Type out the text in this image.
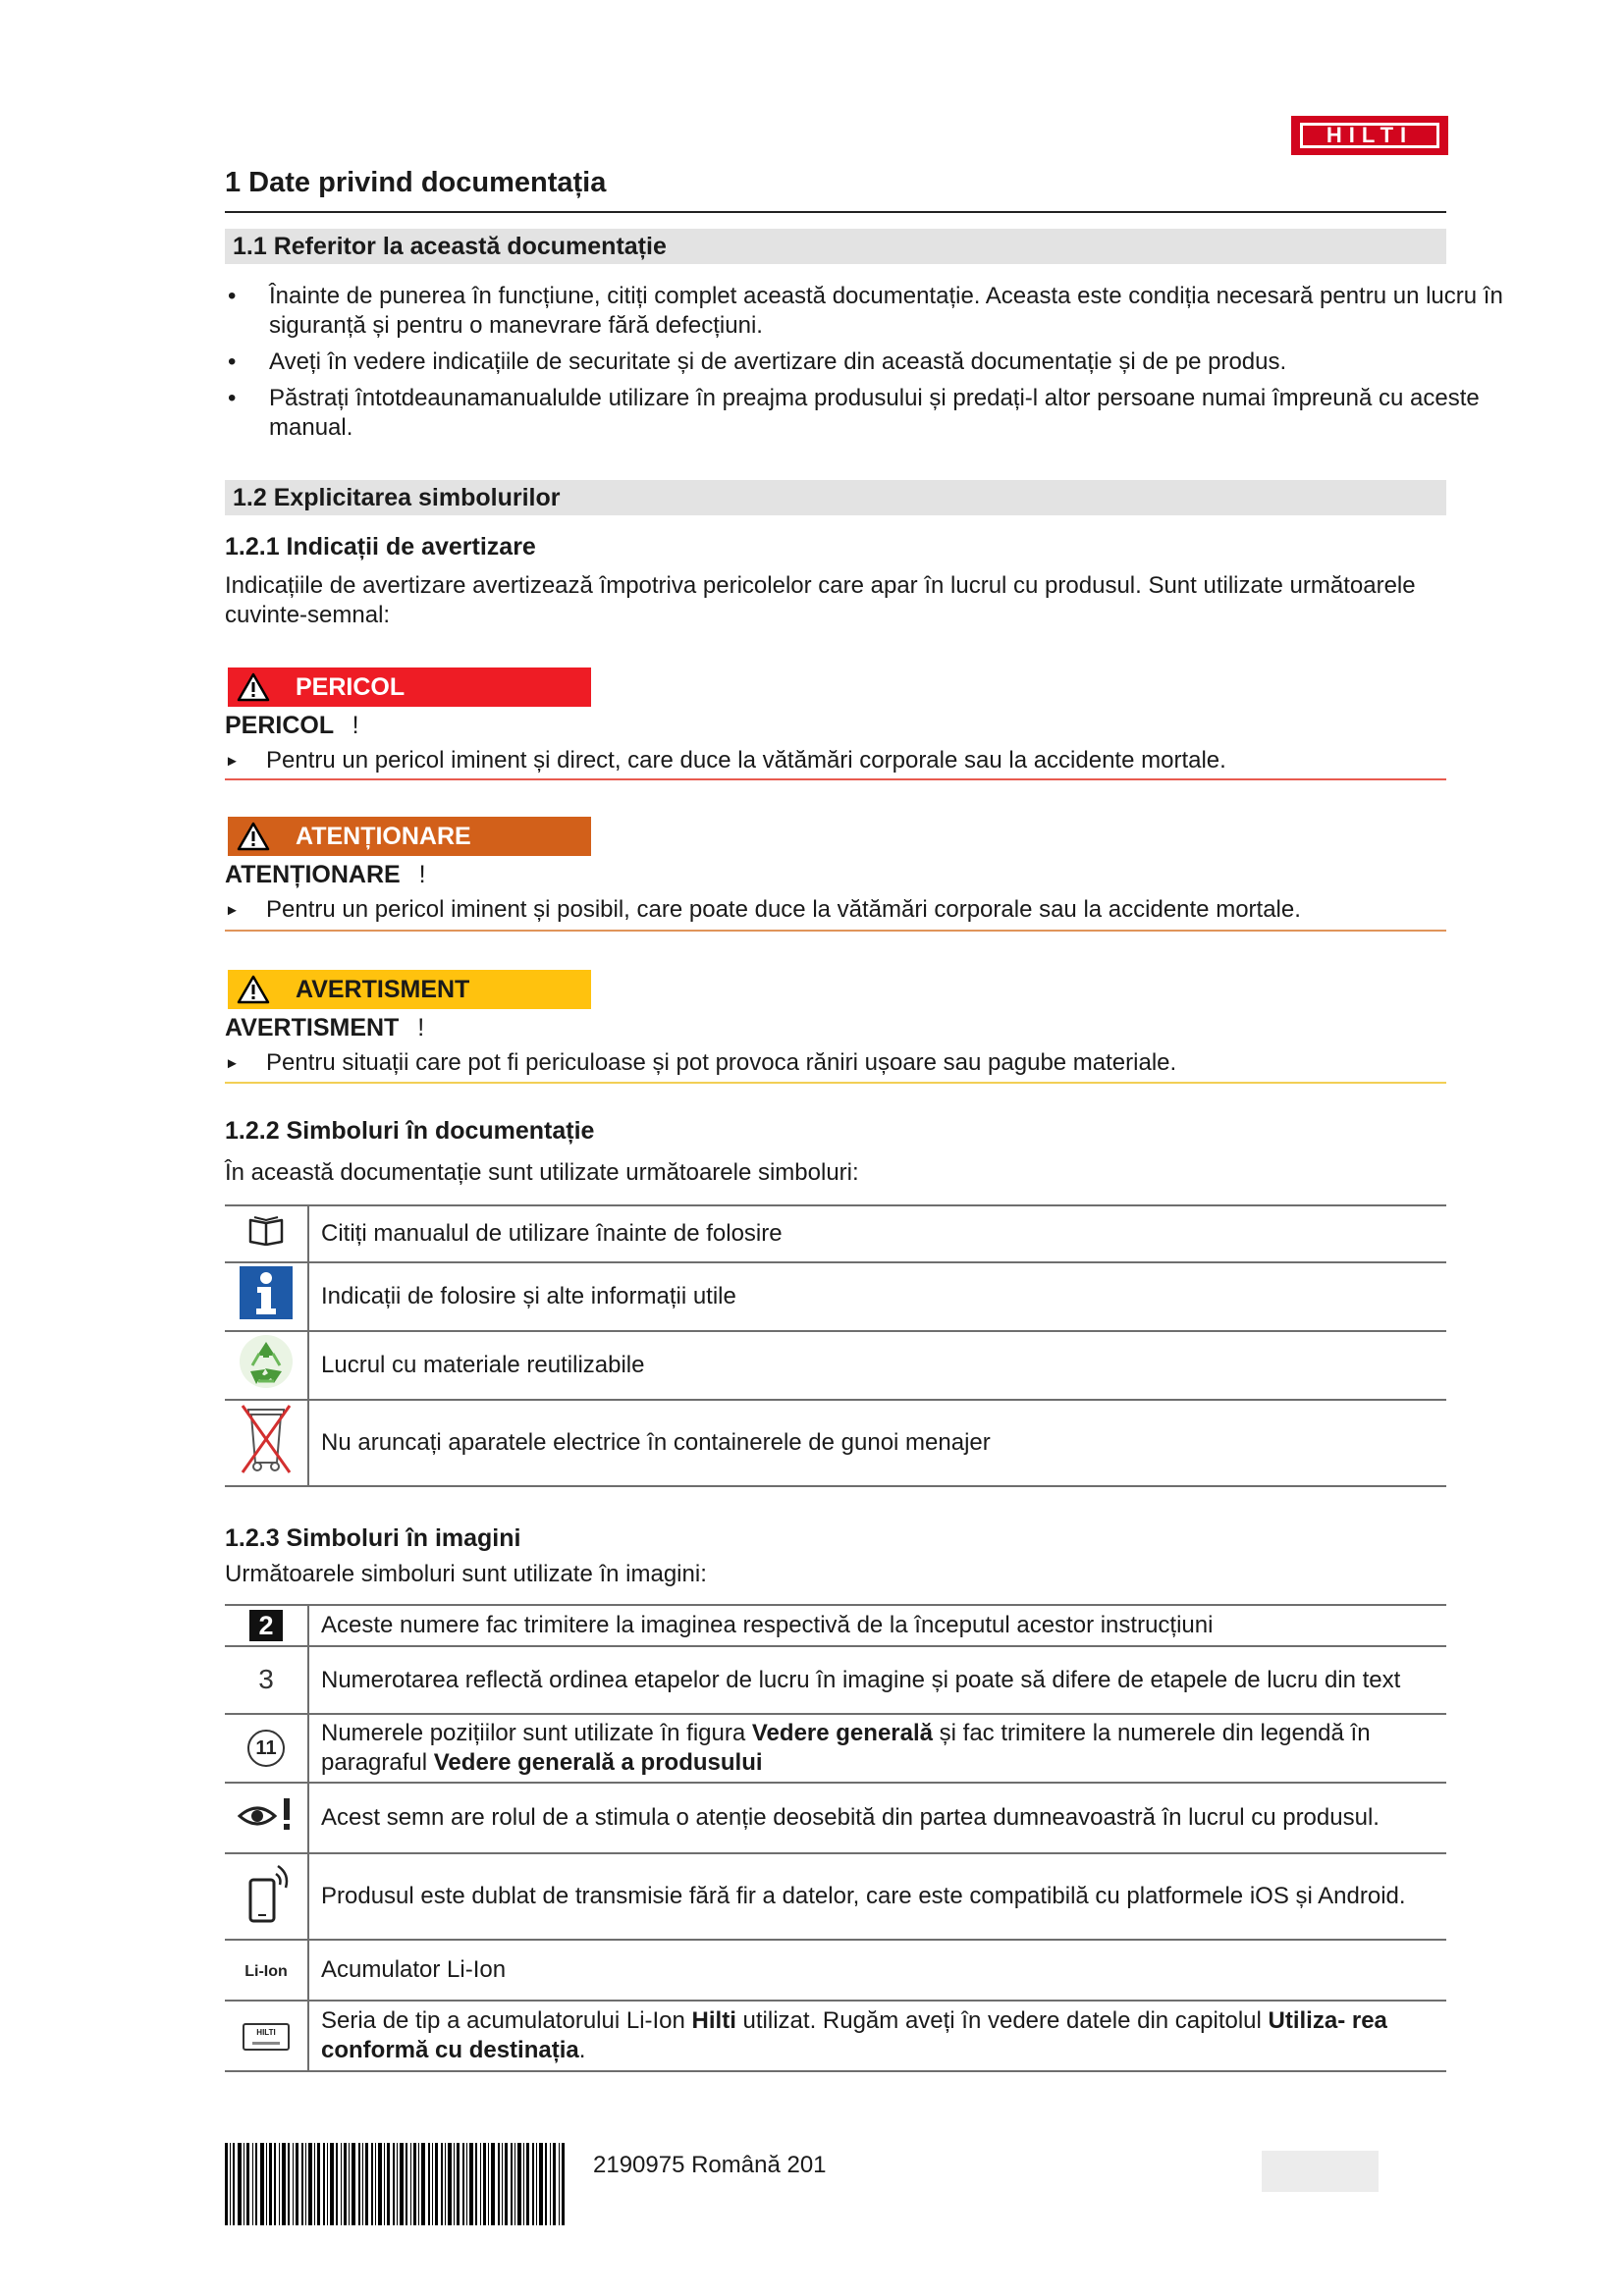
HILTI
1 Date privind documentația
1.1 Referitor la această documentație
• Înainte de punerea în funcțiune, citiți complet această documentație. Aceasta este condiția necesară pentru un lucru în siguranță și pentru o manevrare fără defecțiuni.
• Aveți în vedere indicațiile de securitate și de avertizare din această documentație și de pe produs.
• Păstrați întotdeaunamanualulde utilizare în preajma produsului și predați-l altor persoane numai împreună cu aceste manual.
1.2 Explicitarea simbolurilor
1.2.1 Indicații de avertizare
Indicațiile de avertizare avertizează împotriva pericolelor care apar în lucrul cu produsul. Sunt utilizate următoarele cuvinte-semnal:
PERICOL
PERICOL !
► Pentru un pericol iminent și direct, care duce la vătămări corporale sau la accidente mortale.
ATENȚIONARE
ATENȚIONARE !
► Pentru un pericol iminent și posibil, care poate duce la vătămări corporale sau la accidente mortale.
AVERTISMENT
AVERTISMENT !
► Pentru situații care pot fi periculoase și pot provoca răniri ușoare sau pagube materiale.
1.2.2 Simboluri în documentație
În această documentație sunt utilizate următoarele simboluri:
	Citiți manualul de utilizare înainte de folosire
	Indicații de folosire și alte informații utile
	Lucrul cu materiale reutilizabile
	Nu aruncați aparatele electrice în containerele de gunoi menajer
1.2.3 Simboluri în imagini
Următoarele simboluri sunt utilizate în imagini:
2	Aceste numere fac trimitere la imaginea respectivă de la începutul acestor instrucțiuni
3	Numerotarea reflectă ordinea etapelor de lucru în imagine și poate să difere de etapele de lucru din text
11	Numerele pozițiilor sunt utilizate în figura Vedere generală și fac trimitere la numerele din legendă în paragraful Vedere generală a produsului
	Acest semn are rolul de a stimula o atenție deosebită din partea dumneavoastră în lucrul cu produsul.
	Produsul este dublat de transmisie fără fir a datelor, care este compatibilă cu platformele iOS și Android.
Li-Ion	Acumulator Li-Ion

HILTI	Seria de tip a acumulatorului Li-Ion Hilti utilizat. Rugăm aveți în vedere datele din capitolul Utiliza- rea conformă cu destinația.
2190975 Română 201
